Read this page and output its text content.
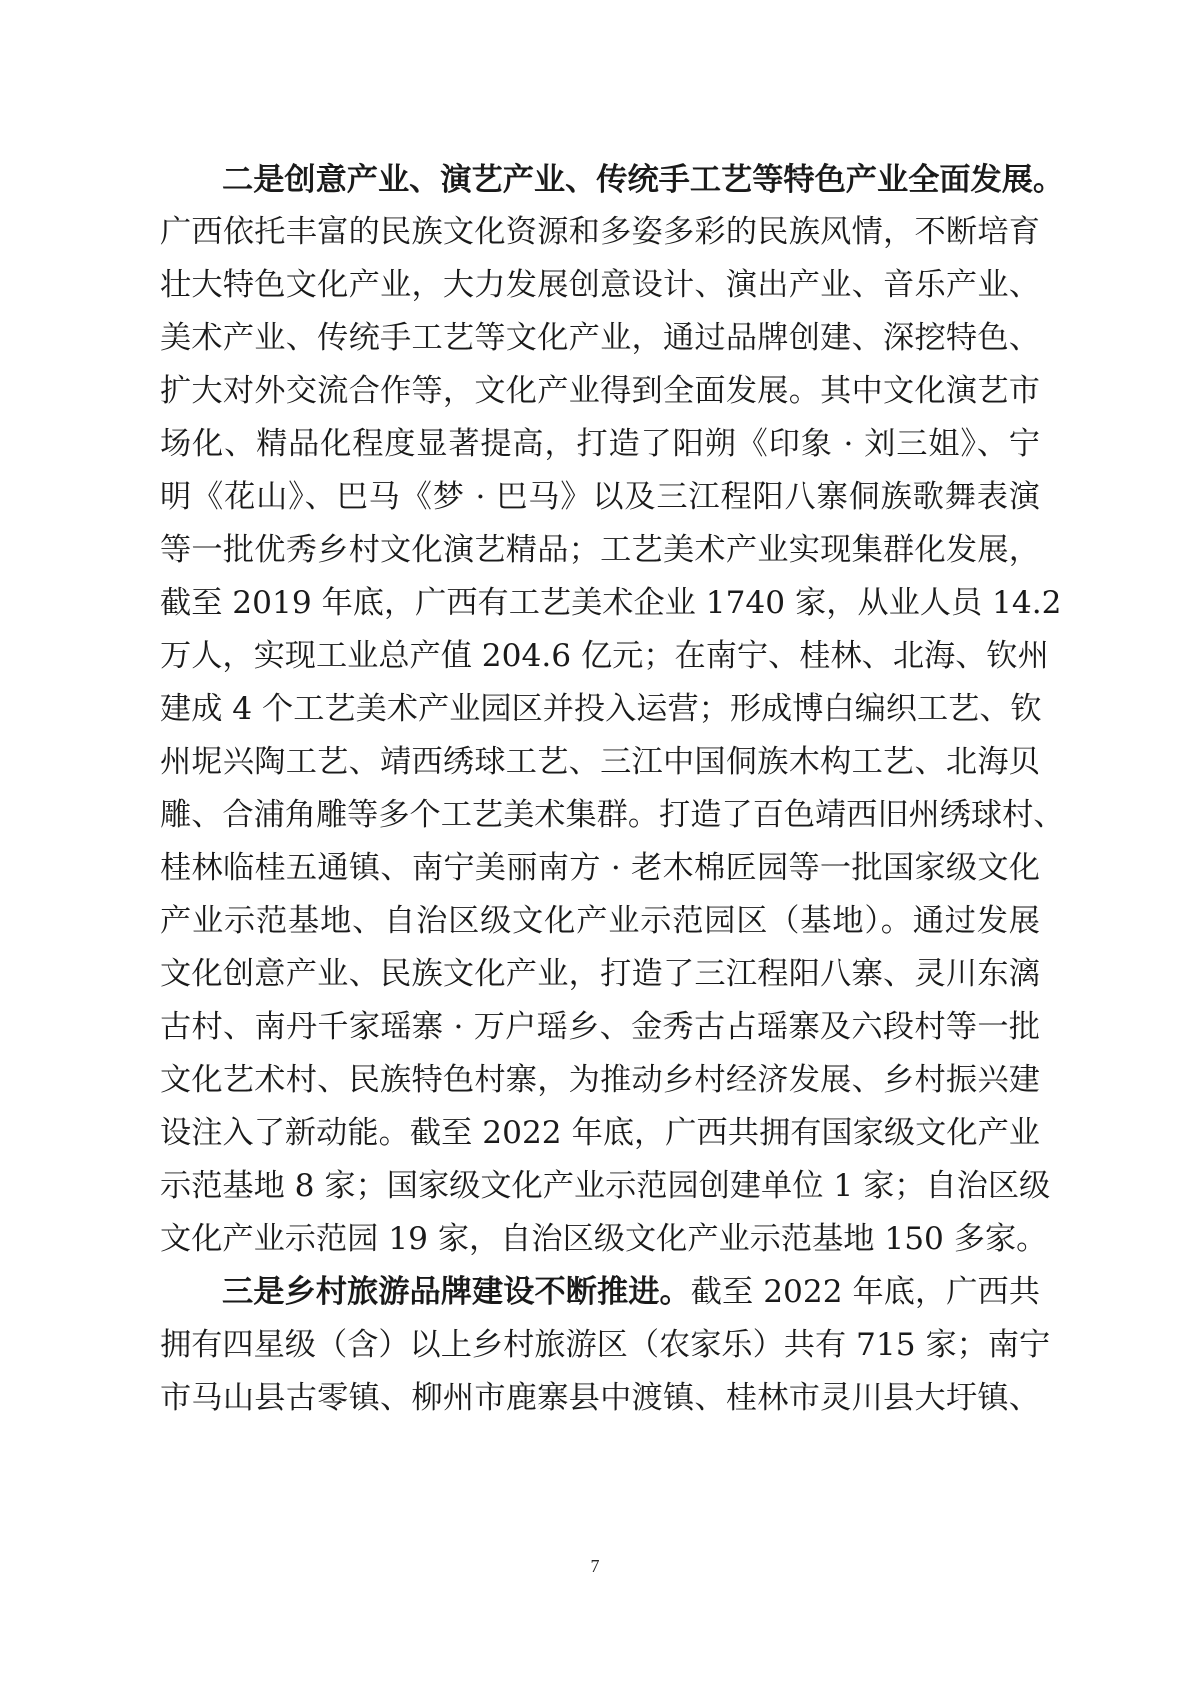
二是创意产业、演艺产业、传统手工艺等特色产业全面发展。
广西依托丰富的民族文化资源和多姿多彩的民族风情，不断培育
壮大特色文化产业，大力发展创意设计、演出产业、音乐产业、
美术产业、传统手工艺等文化产业，通过品牌创建、深挖特色、
扩大对外交流合作等，文化产业得到全面发展。其中文化演艺市
场化、精品化程度显著提高，打造了阳朔《印象 · 刘三姐》、宁
明《花山》、巴马《梦 · 巴马》以及三江程阳八寨侗族歌舞表演
等一批优秀乡村文化演艺精品；工艺美术产业实现集群化发展，
截至 2019 年底，广西有工艺美术企业 1740 家，从业人员 14.2
万人，实现工业总产值 204.6 亿元；在南宁、桂林、北海、钦州
建成 4 个工艺美术产业园区并投入运营；形成博白编织工艺、钦
州坭兴陶工艺、靖西绣球工艺、三江中国侗族木构工艺、北海贝
雕、合浦角雕等多个工艺美术集群。打造了百色靖西旧州绣球村、
桂林临桂五通镇、南宁美丽南方 · 老木棉匠园等一批国家级文化
产业示范基地、自治区级文化产业示范园区（基地）。通过发展
文化创意产业、民族文化产业，打造了三江程阳八寨、灵川东漓
古村、南丹千家瑶寨 · 万户瑶乡、金秀古占瑶寨及六段村等一批
文化艺术村、民族特色村寨，为推动乡村经济发展、乡村振兴建
设注入了新动能。截至 2022 年底，广西共拥有国家级文化产业
示范基地 8 家；国家级文化产业示范园创建单位 1 家；自治区级
文化产业示范园 19 家，自治区级文化产业示范基地 150 多家。
三是乡村旅游品牌建设不断推进。截至 2022 年底，广西共
拥有四星级（含）以上乡村旅游区（农家乐）共有 715 家；南宁
市马山县古零镇、柳州市鹿寨县中渡镇、桂林市灵川县大圩镇、
7
